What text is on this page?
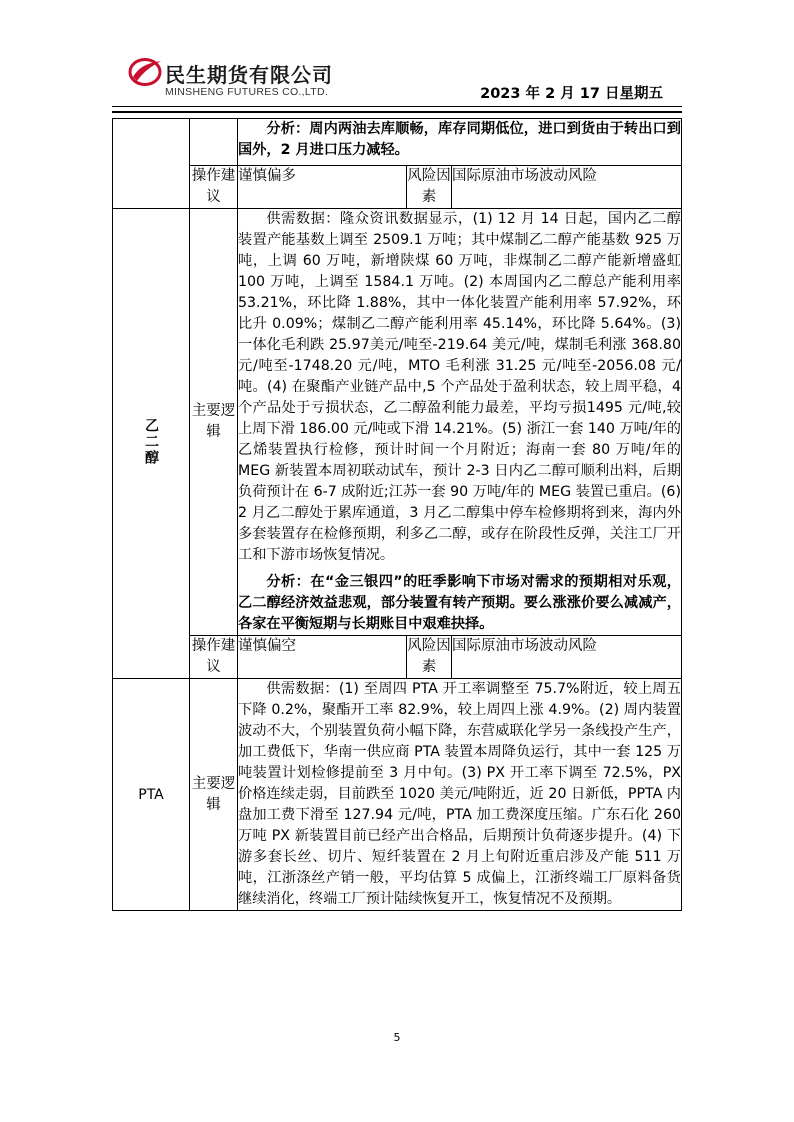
民生期货有限公司
MINSHENG FUTURES CO.,LTD.	2023 年 2 月 17 日星期五

		分析：周内两油去库顺畅，库存同期低位，进口到货由于转出口到国外，2 月进口压力减轻。		

	操作建议	谨慎偏多	风险因素	国际原油市场波动风险
乙二醇	主要逻辑	供需数据：隆众资讯数据显示，(1) 12 月 14 日起，国内乙二醇装置产能基数上调至 2509.1 万吨；其中煤制乙二醇产能基数 925 万吨，上调 60 万吨，新增陕煤 60 万吨，非煤制乙二醇产能新增盛虹 100 万吨，上调至 1584.1 万吨。(2) 本周国内乙二醇总产能利用率 53.21%，环比降 1.88%，其中一体化装置产能利用率 57.92%，环比升 0.09%；煤制乙二醇产能利用率 45.14%，环比降 5.64%。(3) 一体化毛利跌 25.97美元/吨至-219.64 美元/吨，煤制毛利涨 368.80 元/吨至-1748.20 元/吨，MTO 毛利涨 31.25 元/吨至-2056.08 元/吨。(4) 在聚酯产业链产品中,5 个产品处于盈利状态，较上周平稳，4 个产品处于亏损状态，乙二醇盈利能力最差，平均亏损1495 元/吨,较上周下滑 186.00 元/吨或下滑 14.21%。(5) 浙江一套 140 万吨/年的乙烯装置执行检修，预计时间一个月附近；海南一套 80 万吨/年的 MEG 新装置本周初联动试车，预计 2-3 日内乙二醇可顺利出料，后期负荷预计在 6-7 成附近;江苏一套 90 万吨/年的 MEG 装置已重启。(6) 2 月乙二醇处于累库通道，3 月乙二醇集中停车检修期将到来，海内外多套装置存在检修预期，利多乙二醇，或存在阶段性反弹，关注工厂开工和下游市场恢复情况。

分析：在“金三银四”的旺季影响下市场对需求的预期相对乐观，乙二醇经济效益悲观，部分装置有转产预期。要么涨涨价要么减减产，各家在平衡短期与长期账目中艰难抉择。		

	操作建议	谨慎偏空	风险因素	国际原油市场波动风险
PTA	主要逻辑	供需数据：(1) 至周四 PTA 开工率调整至 75.7%附近，较上周五下降 0.2%，聚酯开工率 82.9%，较上周四上涨 4.9%。(2) 周内装置波动不大，个别装置负荷小幅下降，东营威联化学另一条线投产生产，加工费低下，华南一供应商 PTA 装置本周降负运行，其中一套 125 万吨装置计划检修提前至 3 月中旬。(3) PX 开工率下调至 72.5%，PX 价格连续走弱，目前跌至 1020 美元/吨附近，近 20 日新低，PPTA 内盘加工费下滑至 127.94 元/吨，PTA 加工费深度压缩。广东石化 260 万吨 PX 新装置目前已经产出合格品，后期预计负荷逐步提升。(4) 下游多套长丝、切片、短纤装置在 2 月上旬附近重启涉及产能 511 万吨，江浙涤丝产销一般，平均估算 5 成偏上，江浙终端工厂原料备货继续消化，终端工厂预计陆续恢复开工，恢复情况不及预期。		

5
